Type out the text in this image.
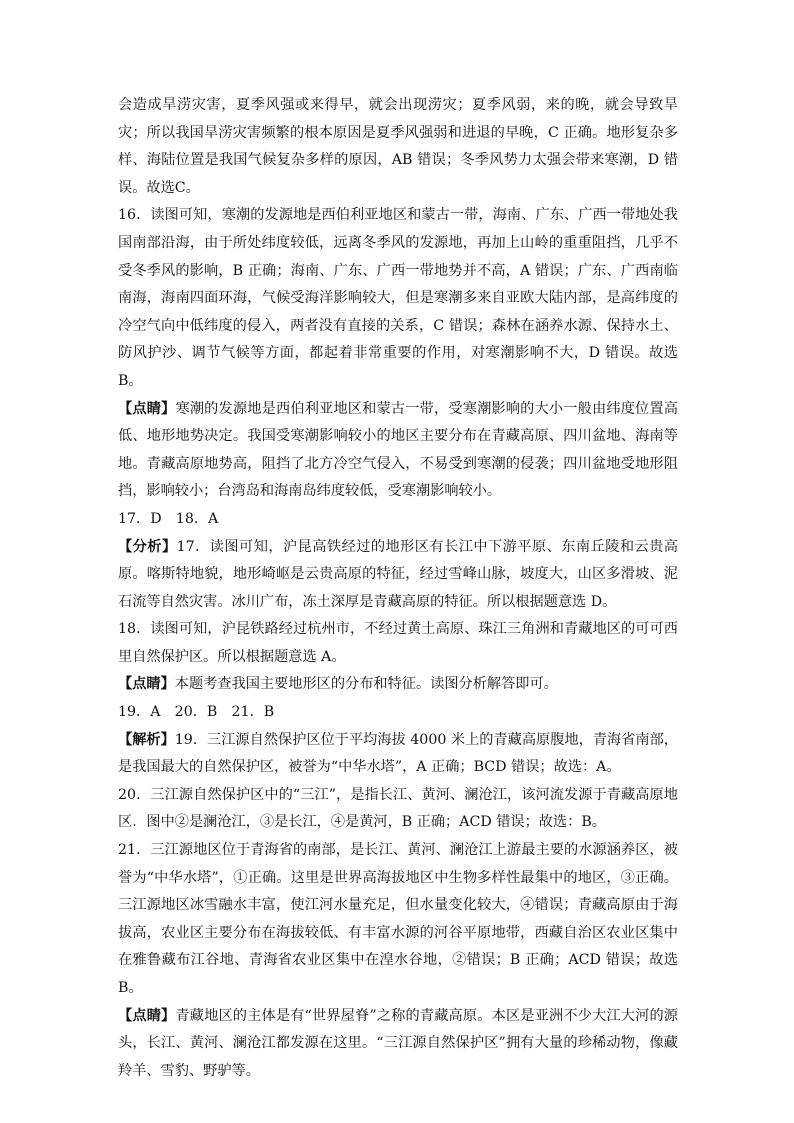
会造成旱涝灾害，夏季风强或来得早，就会出现涝灾；夏季风弱，来的晚，就会导致旱灾；所以我国旱涝灾害频繁的根本原因是夏季风强弱和进退的早晚，C 正确。地形复杂多样、海陆位置是我国气候复杂多样的原因，AB 错误；冬季风势力太强会带来寒潮，D 错误。故选C。

16．读图可知，寒潮的发源地是西伯利亚地区和蒙古一带，海南、广东、广西一带地处我国南部沿海，由于所处纬度较低，远离冬季风的发源地，再加上山岭的重重阻挡，几乎不受冬季风的影响，B 正确；海南、广东、广西一带地势并不高，A 错误；广东、广西南临南海，海南四面环海，气候受海洋影响较大，但是寒潮多来自亚欧大陆内部，是高纬度的冷空气向中低纬度的侵入，两者没有直接的关系，C 错误；森林在涵养水源、保持水土、防风护沙、调节气候等方面，都起着非常重要的作用，对寒潮影响不大，D 错误。故选 B。

【点睛】寒潮的发源地是西伯利亚地区和蒙古一带，受寒潮影响的大小一般由纬度位置高低、地形地势决定。我国受寒潮影响较小的地区主要分布在青藏高原、四川盆地、海南等地。青藏高原地势高，阻挡了北方冷空气侵入，不易受到寒潮的侵袭；四川盆地受地形阻挡，影响较小；台湾岛和海南岛纬度较低，受寒潮影响较小。

17．D　18．A

【分析】17．读图可知，沪昆高铁经过的地形区有长江中下游平原、东南丘陵和云贵高原。喀斯特地貌，地形崎岖是云贵高原的特征，经过雪峰山脉，坡度大，山区多滑坡、泥石流等自然灾害。冰川广布，冻土深厚是青藏高原的特征。所以根据题意选 D。

18．读图可知，沪昆铁路经过杭州市，不经过黄土高原、珠江三角洲和青藏地区的可可西里自然保护区。所以根据题意选 A。

【点睛】本题考查我国主要地形区的分布和特征。读图分析解答即可。

19．A　20．B　21．B

【解析】19．三江源自然保护区位于平均海拔 4000 米上的青藏高原腹地，青海省南部，是我国最大的自然保护区，被誉为“中华水塔”，A 正确；BCD 错误；故选：A。

20．三江源自然保护区中的“三江”，是指长江、黄河、澜沧江，该河流发源于青藏高原地区．图中②是澜沧江，③是长江，④是黄河，B 正确；ACD 错误；故选：B。

21．三江源地区位于青海省的南部，是长江、黄河、澜沧江上游最主要的水源涵养区，被誉为“中华水塔”，①正确。这里是世界高海拔地区中生物多样性最集中的地区，③正确。三江源地区冰雪融水丰富，使江河水量充足，但水量变化较大，④错误；青藏高原由于海拔高，农业区主要分布在海拔较低、有丰富水源的河谷平原地带，西藏自治区农业区集中在雅鲁藏布江谷地、青海省农业区集中在湟水谷地，②错误；B 正确；ACD 错误；故选 B。

【点睛】青藏地区的主体是有“世界屋脊”之称的青藏高原。本区是亚洲不少大江大河的源头，长江、黄河、澜沧江都发源在这里。“三江源自然保护区”拥有大量的珍稀动物，像藏羚羊、雪豹、野驴等。
